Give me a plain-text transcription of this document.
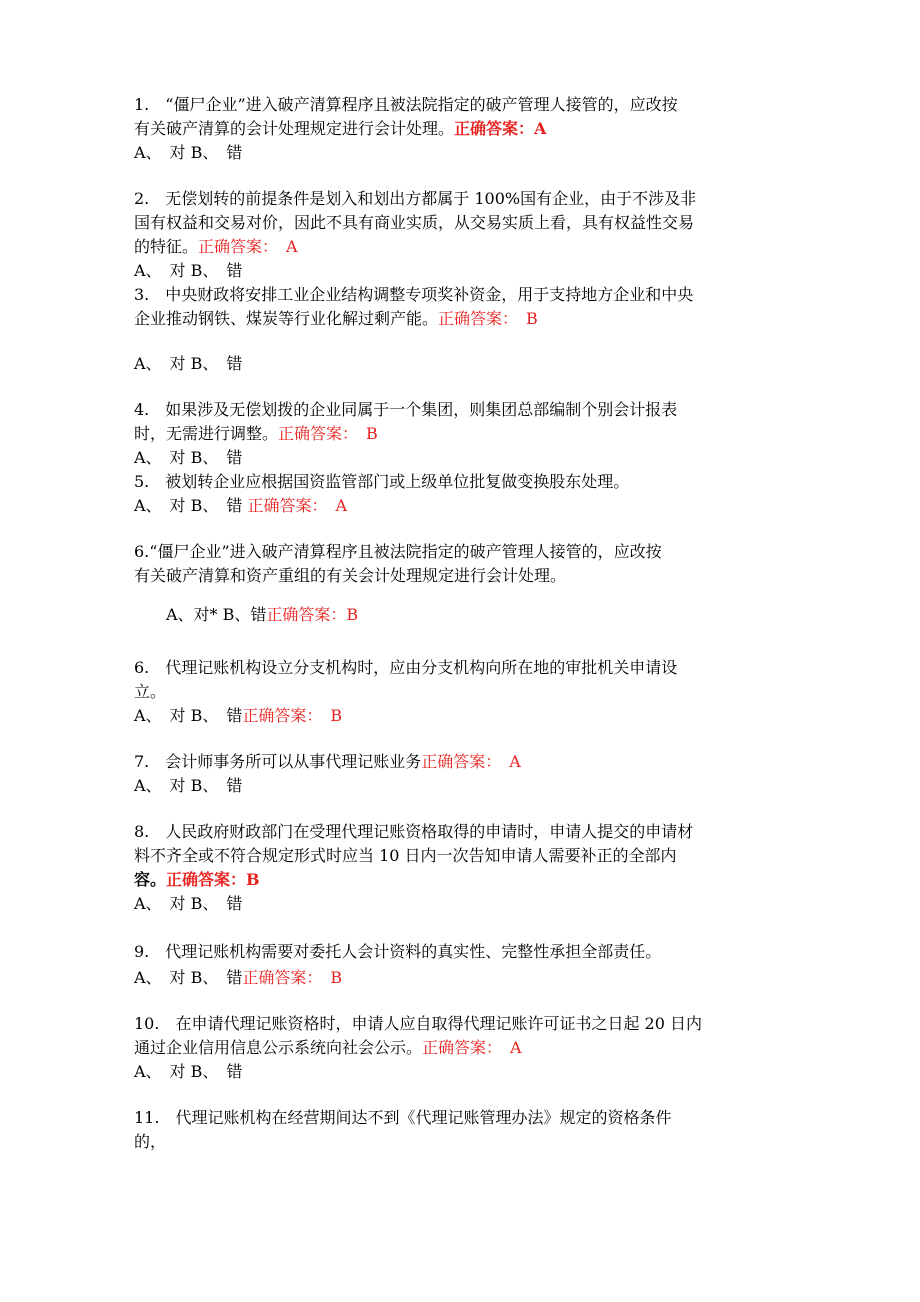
1.　“僵尸企业”进入破产清算程序且被法院指定的破产管理人接管的，应改按
有关破产清算的会计处理规定进行会计处理。正确答案：A
A、　对 B、　错
2.　无偿划转的前提条件是划入和划出方都属于 100%国有企业，由于不涉及非
国有权益和交易对价，因此不具有商业实质，从交易实质上看，具有权益性交易
的特征。正确答案：　A
A、　对 B、　错
3.　中央财政将安排工业企业结构调整专项奖补资金，用于支持地方企业和中央
企业推动钢铁、煤炭等行业化解过剩产能。正确答案：　B
A、　对 B、　错
4.　如果涉及无偿划拨的企业同属于一个集团，则集团总部编制个别会计报表
时，无需进行调整。正确答案：　B
A、　对 B、　错
5.　被划转企业应根据国资监管部门或上级单位批复做变换股东处理。
A、　对 B、　错 正确答案：　A
6.“僵尸企业”进入破产清算程序且被法院指定的破产管理人接管的，应改按
有关破产清算和资产重组的有关会计处理规定进行会计处理。
A、对* B、错正确答案：B
6.　代理记账机构设立分支机构时，应由分支机构向所在地的审批机关申请设
立。
A、　对 B、　错正确答案：　B
7.　会计师事务所可以从事代理记账业务正确答案：　A
A、　对 B、　错
8.　人民政府财政部门在受理代理记账资格取得的申请时，申请人提交的申请材
料不齐全或不符合规定形式时应当 10 日内一次告知申请人需要补正的全部内
容。正确答案：B
A、　对 B、　错
9.　代理记账机构需要对委托人会计资料的真实性、完整性承担全部责任。
A、　对 B、　错正确答案：　B
10.　在申请代理记账资格时，申请人应自取得代理记账许可证书之日起 20 日内
通过企业信用信息公示系统向社会公示。正确答案：　A
A、　对 B、　错
11.　代理记账机构在经营期间达不到《代理记账管理办法》规定的资格条件
的，
